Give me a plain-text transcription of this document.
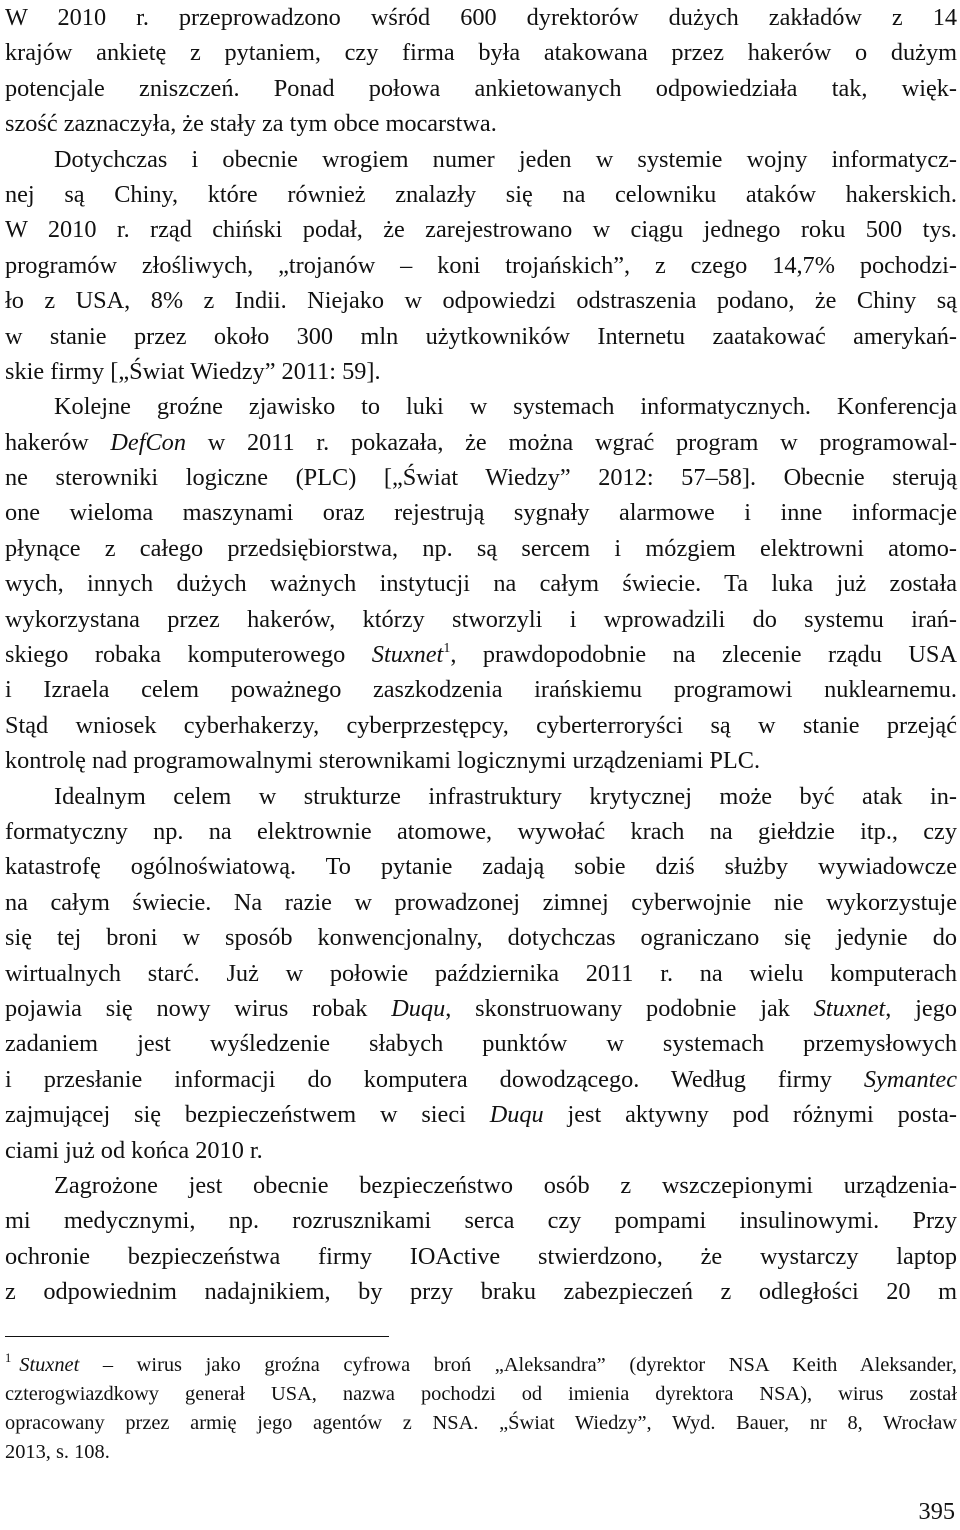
W 2010 r. przeprowadzono wśród 600 dyrektorów dużych zakładów z 14
krajów ankietę z pytaniem, czy firma była atakowana przez hakerów o dużym
potencjale zniszczeń. Ponad połowa ankietowanych odpowiedziała tak, więk-
szość zaznaczyła, że stały za tym obce mocarstwa.
Dotychczas i obecnie wrogiem numer jeden w systemie wojny informatycz-
nej są Chiny, które również znalazły się na celowniku ataków hakerskich.
W 2010 r. rząd chiński podał, że zarejestrowano w ciągu jednego roku 500 tys.
programów złośliwych, „trojanów – koni trojańskich”, z czego 14,7% pochodzi-
ło z USA, 8% z Indii. Niejako w odpowiedzi odstraszenia podano, że Chiny są
w stanie przez około 300 mln użytkowników Internetu zaatakować amerykań-
skie firmy [„Świat Wiedzy” 2011: 59].
Kolejne groźne zjawisko to luki w systemach informatycznych. Konferencja
hakerów DefCon w 2011 r. pokazała, że można wgrać program w programowal-
ne sterowniki logiczne (PLC) [„Świat Wiedzy” 2012: 57–58]. Obecnie sterują
one wieloma maszynami oraz rejestrują sygnały alarmowe i inne informacje
płynące z całego przedsiębiorstwa, np. są sercem i mózgiem elektrowni atomo-
wych, innych dużych ważnych instytucji na całym świecie. Ta luka już została
wykorzystana przez hakerów, którzy stworzyli i wprowadzili do systemu irań-
skiego robaka komputerowego Stuxnet$^1$, prawdopodobnie na zlecenie rządu USA
i Izraela celem poważnego zaszkodzenia irańskiemu programowi nuklearnemu.
Stąd wniosek cyberhakerzy, cyberprzestępcy, cyberterroryści są w stanie przejąć
kontrolę nad programowalnymi sterownikami logicznymi urządzeniami PLC.
Idealnym celem w strukturze infrastruktury krytycznej może być atak in-
formatyczny np. na elektrownie atomowe, wywołać krach na giełdzie itp., czy
katastrofę ogólnoświatową. To pytanie zadają sobie dziś służby wywiadowcze
na całym świecie. Na razie w prowadzonej zimnej cyberwojnie nie wykorzystuje
się tej broni w sposób konwencjonalny, dotychczas ograniczano się jedynie do
wirtualnych starć. Już w połowie października 2011 r. na wielu komputerach
pojawia się nowy wirus robak Duqu, skonstruowany podobnie jak Stuxnet, jego
zadaniem jest wyśledzenie słabych punktów w systemach przemysłowych
i przesłanie informacji do komputera dowodzącego. Według firmy Symantec
zajmującej się bezpieczeństwem w sieci Duqu jest aktywny pod różnymi posta-
ciami już od końca 2010 r.
Zagrożone jest obecnie bezpieczeństwo osób z wszczepionymi urządzenia-
mi medycznymi, np. rozrusznikami serca czy pompami insulinowymi. Przy
ochronie bezpieczeństwa firmy IOActive stwierdzono, że wystarczy laptop
z odpowiednim nadajnikiem, by przy braku zabezpieczeń z odległości 20 m
$^1$ Stuxnet – wirus jako groźna cyfrowa broń „Aleksandra” (dyrektor NSA Keith Aleksander,
czterogwiazdkowy generał USA, nazwa pochodzi od imienia dyrektora NSA), wirus został
opracowany przez armię jego agentów z NSA. „Świat Wiedzy”, Wyd. Bauer, nr 8, Wrocław
2013, s. 108.
395
